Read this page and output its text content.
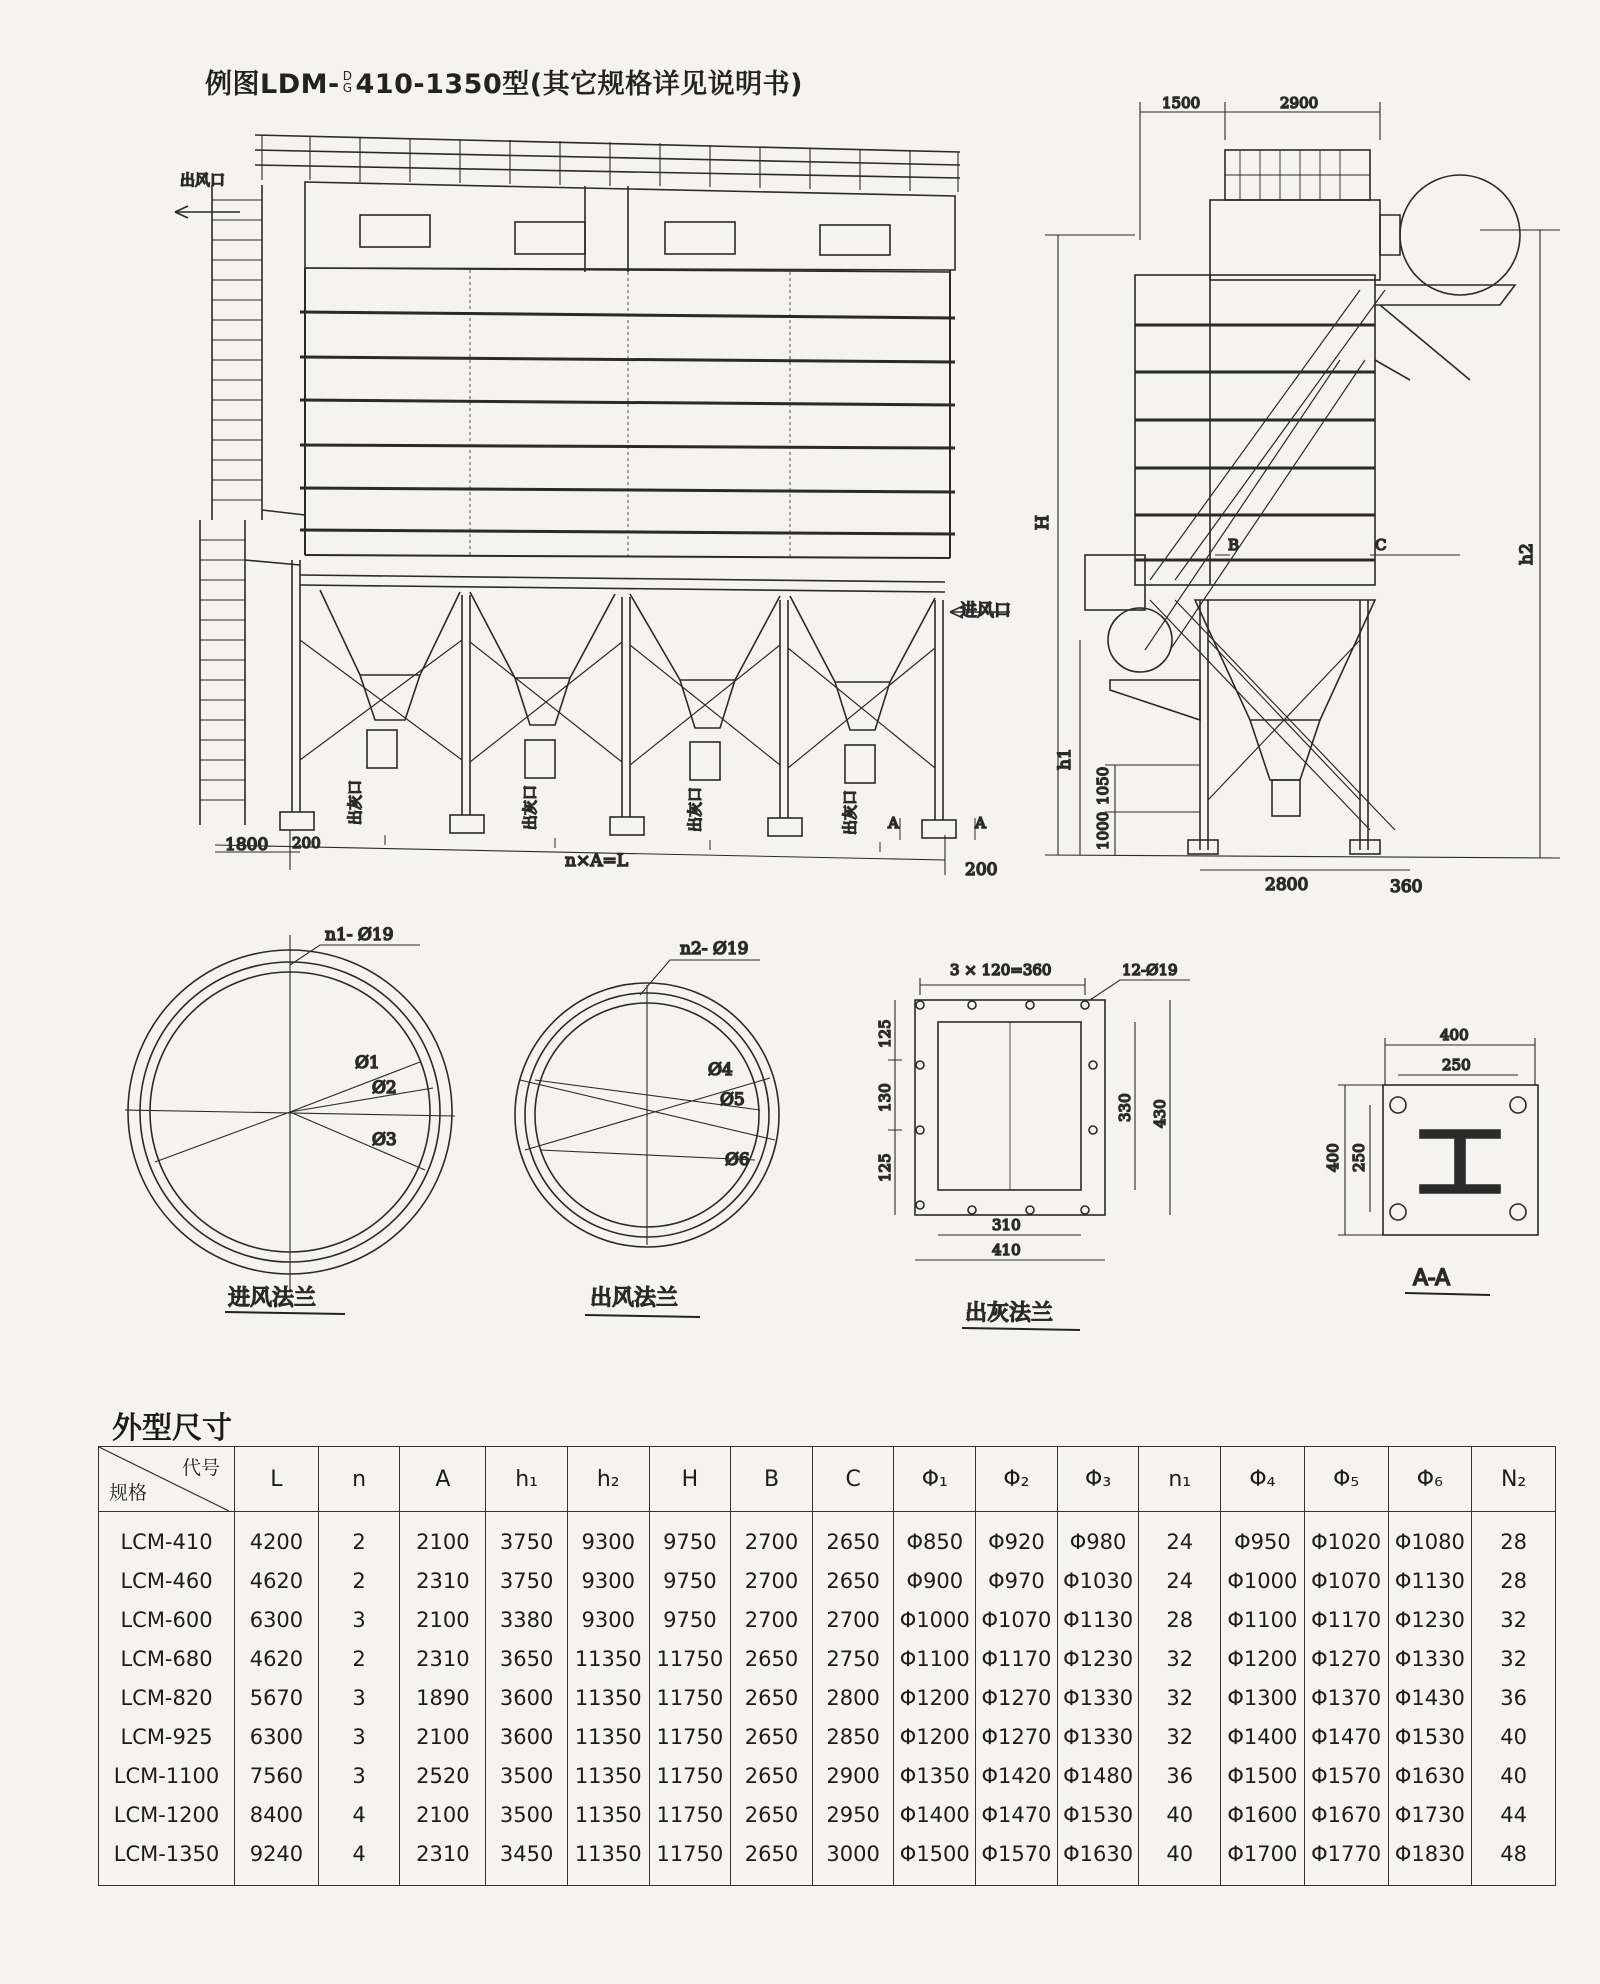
例图LDM- D
G 410-1350型(其它规格详见说明书)
出风口
进风口
出灰口	出灰口	出灰口	出灰口
1800 200
n×A=L	200
A	A
1500	2900
H
h1
h2
B	C
1050
1000
2800	360
n1- Ø19
Ø1
Ø2
Ø3
进风法兰
n2- Ø19
Ø4
Ø5
Ø6
出风法兰
3 × 120=360	12-Ø19
125
130
125
330 430
310
410
出灰法兰
400
250
400 250
A-A
外型尺寸
代号
规格	L	n	A	h₁	h₂	H	B	C	Φ₁	Φ₂	Φ₃	n₁	Φ₄	Φ₅	Φ₆	N₂
LCM-410	4200	2	2100	3750	9300	9750	2700	2650	Φ850	Φ920	Φ980	24	Φ950	Φ1020	Φ1080	28
LCM-460	4620	2	2310	3750	9300	9750	2700	2650	Φ900	Φ970	Φ1030	24	Φ1000	Φ1070	Φ1130	28
LCM-600	6300	3	2100	3380	9300	9750	2700	2700	Φ1000	Φ1070	Φ1130	28	Φ1100	Φ1170	Φ1230	32
LCM-680	4620	2	2310	3650	11350	11750	2650	2750	Φ1100	Φ1170	Φ1230	32	Φ1200	Φ1270	Φ1330	32
LCM-820	5670	3	1890	3600	11350	11750	2650	2800	Φ1200	Φ1270	Φ1330	32	Φ1300	Φ1370	Φ1430	36
LCM-925	6300	3	2100	3600	11350	11750	2650	2850	Φ1200	Φ1270	Φ1330	32	Φ1400	Φ1470	Φ1530	40
LCM-1100	7560	3	2520	3500	11350	11750	2650	2900	Φ1350	Φ1420	Φ1480	36	Φ1500	Φ1570	Φ1630	40
LCM-1200	8400	4	2100	3500	11350	11750	2650	2950	Φ1400	Φ1470	Φ1530	40	Φ1600	Φ1670	Φ1730	44
LCM-1350	9240	4	2310	3450	11350	11750	2650	3000	Φ1500	Φ1570	Φ1630	40	Φ1700	Φ1770	Φ1830	48
